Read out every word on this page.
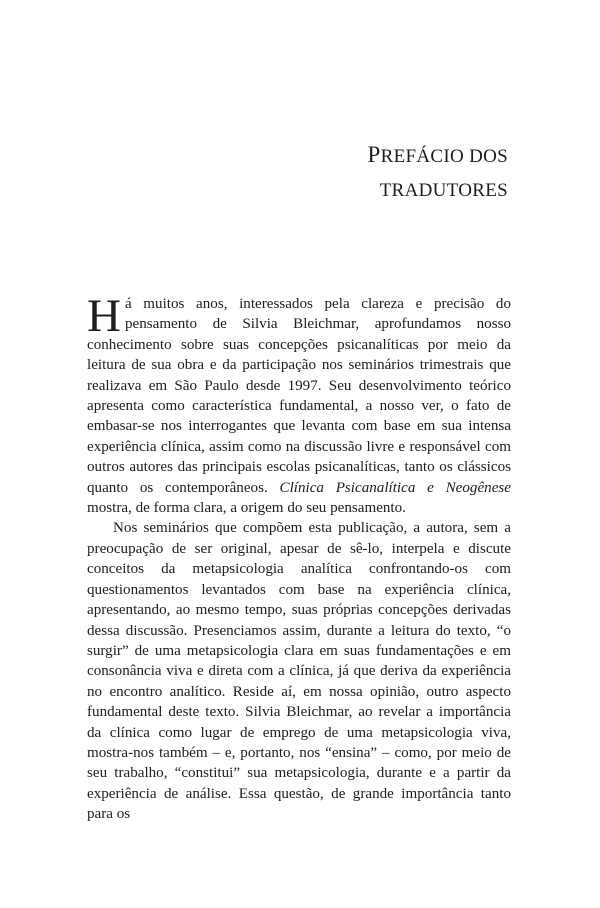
PREFÁCIO DOS
TRADUTORES

Há muitos anos, interessados pela clareza e precisão do pensamento de Silvia Bleichmar, aprofundamos nosso conhecimento sobre suas concepções psicanalíticas por meio da leitura de sua obra e da participação nos seminários trimestrais que realizava em São Paulo desde 1997. Seu desenvolvimento teórico apresenta como característica fundamental, a nosso ver, o fato de embasar-se nos interrogantes que levanta com base em sua intensa experiência clínica, assim como na discussão livre e responsável com outros autores das principais escolas psicanalíticas, tanto os clássicos quanto os contemporâneos. Clínica Psicanalítica e Neogênese mostra, de forma clara, a origem do seu pensamento.

Nos seminários que compõem esta publicação, a autora, sem a preocupação de ser original, apesar de sê-lo, interpela e discute conceitos da metapsicologia analítica confrontando-os com questionamentos levantados com base na experiência clínica, apresentando, ao mesmo tempo, suas próprias concepções derivadas dessa discussão. Presenciamos assim, durante a leitura do texto, “o surgir” de uma metapsicologia clara em suas fundamentações e em consonância viva e direta com a clínica, já que deriva da experiência no encontro analítico. Reside aí, em nossa opinião, outro aspecto fundamental deste texto. Silvia Bleichmar, ao revelar a importância da clínica como lugar de emprego de uma metapsicologia viva, mostra-nos também – e, portanto, nos “ensina” – como, por meio de seu trabalho, “constitui” sua metapsicologia, durante e a partir da experiência de análise. Essa questão, de grande importância tanto para os
